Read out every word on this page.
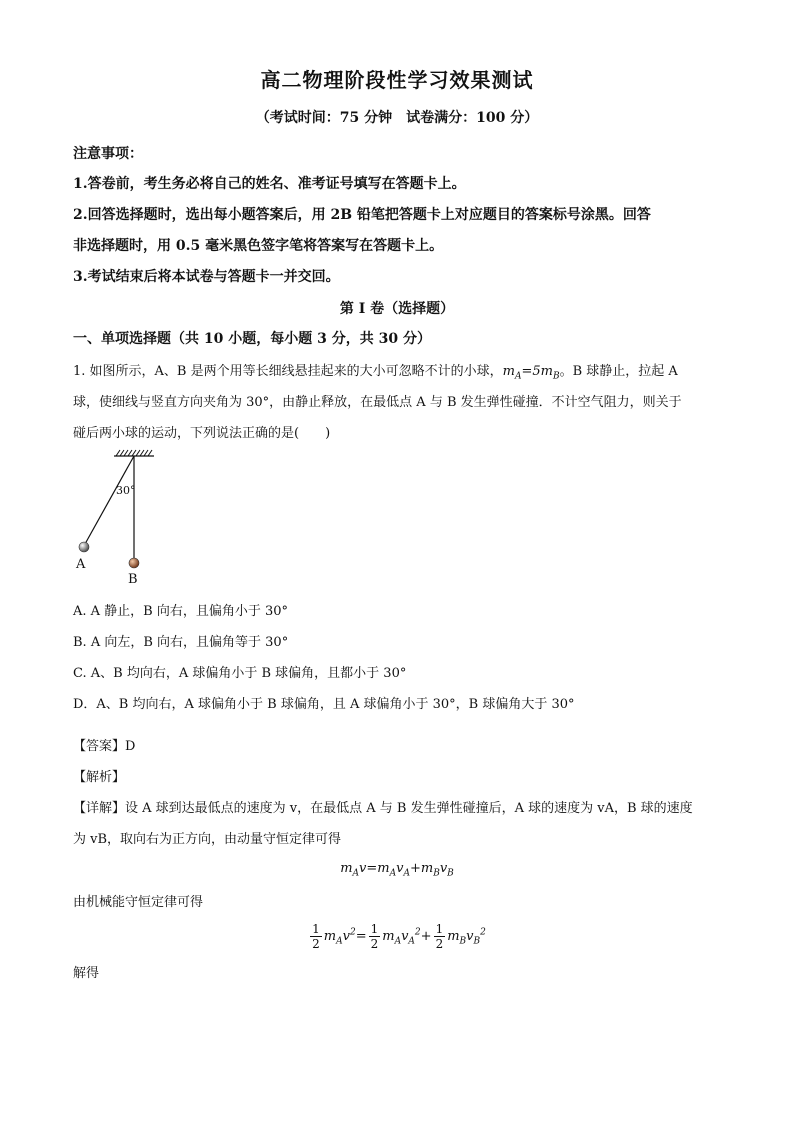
高二物理阶段性学习效果测试
（考试时间：75 分钟　试卷满分：100 分）
注意事项：
1.答卷前，考生务必将自己的姓名、准考证号填写在答题卡上。
2.回答选择题时，选出每小题答案后，用 2B 铅笔把答题卡上对应题目的答案标号涂黑。回答
非选择题时，用 0.5 毫米黑色签字笔将答案写在答题卡上。
3.考试结束后将本试卷与答题卡一并交回。
第 I 卷（选择题）
一、单项选择题（共 10 小题，每小题 3 分，共 30 分）
1. 如图所示，A、B 是两个用等长细线悬挂起来的大小可忽略不计的小球，$m_A=5m_B$。B 球静止，拉起 A
球，使细线与竖直方向夹角为 30°，由静止释放，在最低点 A 与 B 发生弹性碰撞．不计空气阻力，则关于
碰后两小球的运动，下列说法正确的是(　　)
30°
A
B
A. A 静止，B 向右，且偏角小于 30°
B. A 向左，B 向右，且偏角等于 30°
C. A、B 均向右，A 球偏角小于 B 球偏角，且都小于 30°
D．A、B 均向右，A 球偏角小于 B 球偏角，且 A 球偏角小于 30°，B 球偏角大于 30°
【答案】D
【解析】
【详解】设 A 球到达最低点的速度为 v，在最低点 A 与 B 发生弹性碰撞后，A 球的速度为 vA，B 球的速度
为 vB，取向右为正方向，由动量守恒定律可得
$m_Av=m_Av_A+m_Bv_B$
由机械能守恒定律可得
$\frac{1}{2} m_Av^2= \frac{1}{2} m_Av_A^2+ \frac{1}{2} m_Bv_B^2$
解得
